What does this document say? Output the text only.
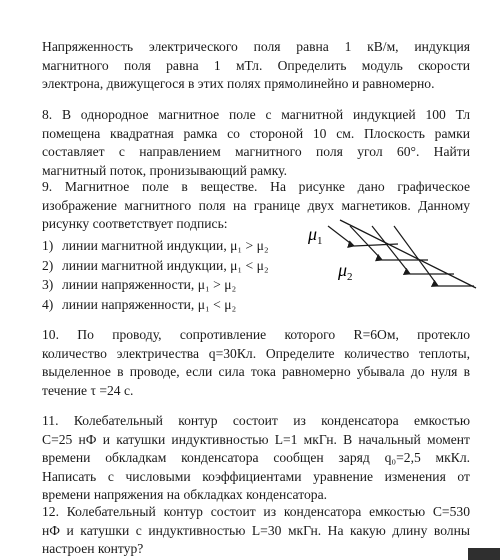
Напряженность электрического поля равна 1 кВ/м, индукция
магнитного поля равна 1 мТл. Определить модуль скорости
электрона, движущегося в этих полях прямолинейно и равномерно.
8. В однородное магнитное поле с магнитной индукцией 100 Тл
помещена квадратная рамка со стороной 10 см. Плоскость рамки
составляет с направлением магнитного поля угол 60°. Найти
магнитный поток, пронизывающий рамку.
9. Магнитное поле в веществе. На рисунке дано графическое
изображение магнитного поля на границе двух магнетиков. Данному
рисунку соответствует подпись:
1) линии магнитной индукции, μ₁ > μ₂
2) линии магнитной индукции, μ₁ < μ₂
3) линии напряженности, μ₁ > μ₂
4) линии напряженности, μ₁ < μ₂
$\mu_1$
$\mu_2$
10. По проводу, сопротивление которого R=6Ом, протекло
количество электричества q=30Кл. Определите количество теплоты,
выделенное в проводе, если сила тока равномерно убывала до нуля в
течение τ =24 с.
11. Колебательный контур состоит из конденсатора емкостью
C=25 нФ и катушки индуктивностью L=1 мкГн. В начальный момент
времени обкладкам конденсатора сообщен заряд q₀=2,5 мкКл.
Написать с числовыми коэффициентами уравнение изменения от
времени напряжения на обкладках конденсатора.
12. Колебательный контур состоит из конденсатора емкостью С=530
нФ и катушки с индуктивностью L=30 мкГн. На какую длину волны
настроен контур?
